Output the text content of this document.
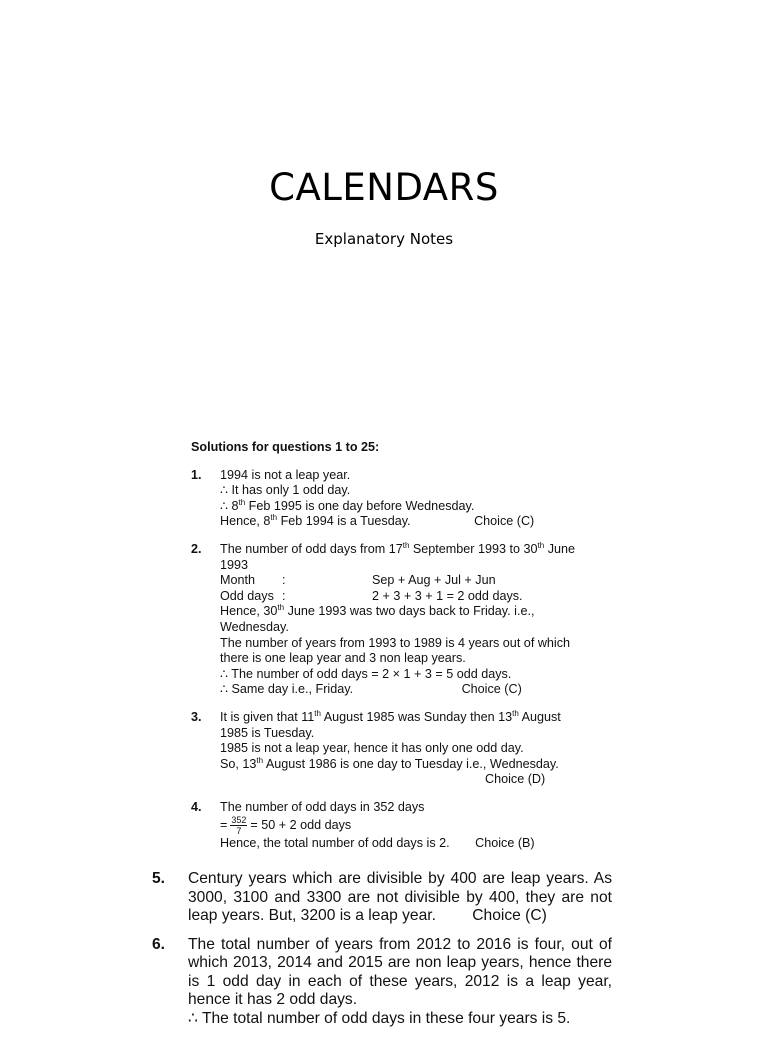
CALENDARS
Explanatory Notes
Solutions for questions 1 to 25:
1. 1994 is not a leap year.
∴ It has only 1 odd day.
∴ 8th Feb 1995 is one day before Wednesday.
Hence, 8th Feb 1994 is a Tuesday.	Choice (C)
2. The number of odd days from 17th September 1993 to 30th June 1993
Month :	Sep + Aug + Jul + Jun
Odd days :	2 + 3 + 3 + 1 = 2 odd days.
Hence, 30th June 1993 was two days back to Friday. i.e., Wednesday.
The number of years from 1993 to 1989 is 4 years out of which there is one leap year and 3 non leap years.
∴ The number of odd days = 2 × 1 + 3 = 5 odd days.
∴ Same day i.e., Friday.	Choice (C)
3. It is given that 11th August 1985 was Sunday then 13th August 1985 is Tuesday.
1985 is not a leap year, hence it has only one odd day.
So, 13th August 1986 is one day to Tuesday i.e., Wednesday.
Choice (D)
4. The number of odd days in 352 days
= $\frac{352}{7} = 50 + 2$ odd days
Hence, the total number of odd days is 2. Choice (B)
5. Century years which are divisible by 400 are leap years. As 3000, 3100 and 3300 are not divisible by 400, they are not leap years. But, 3200 is a leap year. Choice (C)
6. The total number of years from 2012 to 2016 is four, out of which 2013, 2014 and 2015 are non leap years, hence there is 1 odd day in each of these years, 2012 is a leap year, hence it has 2 odd days.
∴ The total number of odd days in these four years is 5.
